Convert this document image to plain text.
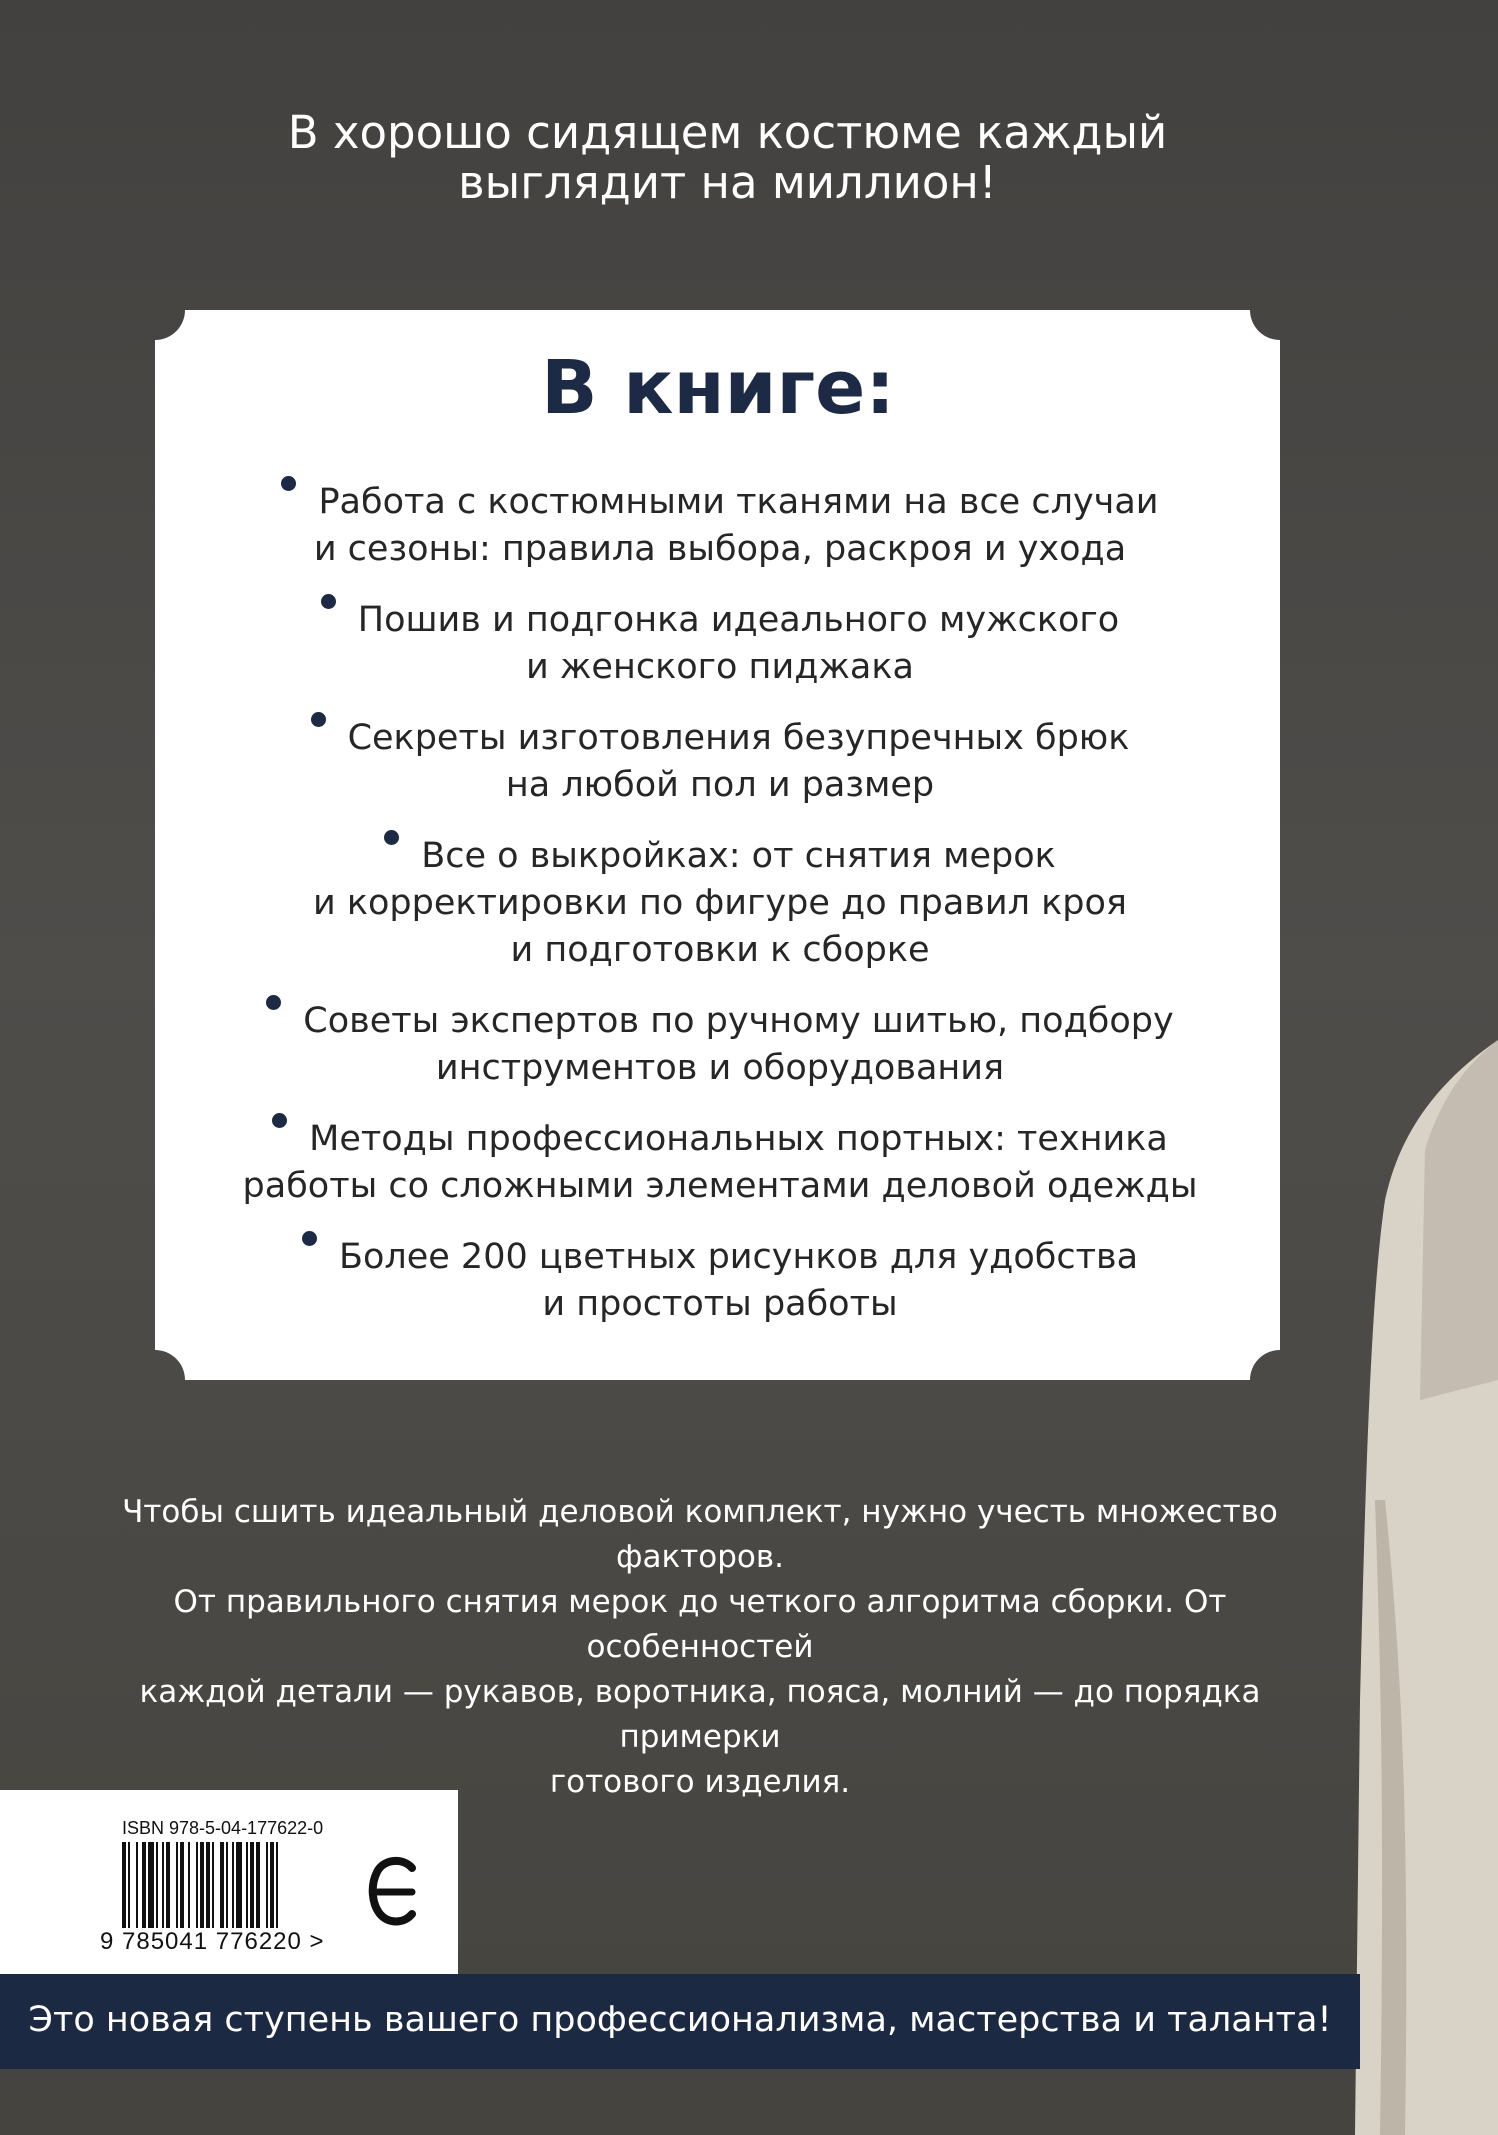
В хорошо сидящем костюме каждый
выглядит на миллион!
В книге:
Работа с костюмными тканями на все случаи
и сезоны: правила выбора, раскроя и ухода
Пошив и подгонка идеального мужского
и женского пиджака
Секреты изготовления безупречных брюк
на любой пол и размер
Все о выкройках: от снятия мерок
и корректировки по фигуре до правил кроя
и подготовки к сборке
Советы экспертов по ручному шитью, подбору
инструментов и оборудования
Методы профессиональных портных: техника
работы со сложными элементами деловой одежды
Более 200 цветных рисунков для удобства
и простоты работы
Чтобы сшить идеальный деловой комплект, нужно учесть множество факторов.
От правильного снятия мерок до четкого алгоритма сборки. От особенностей
каждой детали — рукавов, воротника, пояса, молний — до порядка примерки
готового изделия.
ISBN 978-5-04-177622-0
9 785041 776220 >
Это новая ступень вашего профессионализма, мастерства и таланта!
